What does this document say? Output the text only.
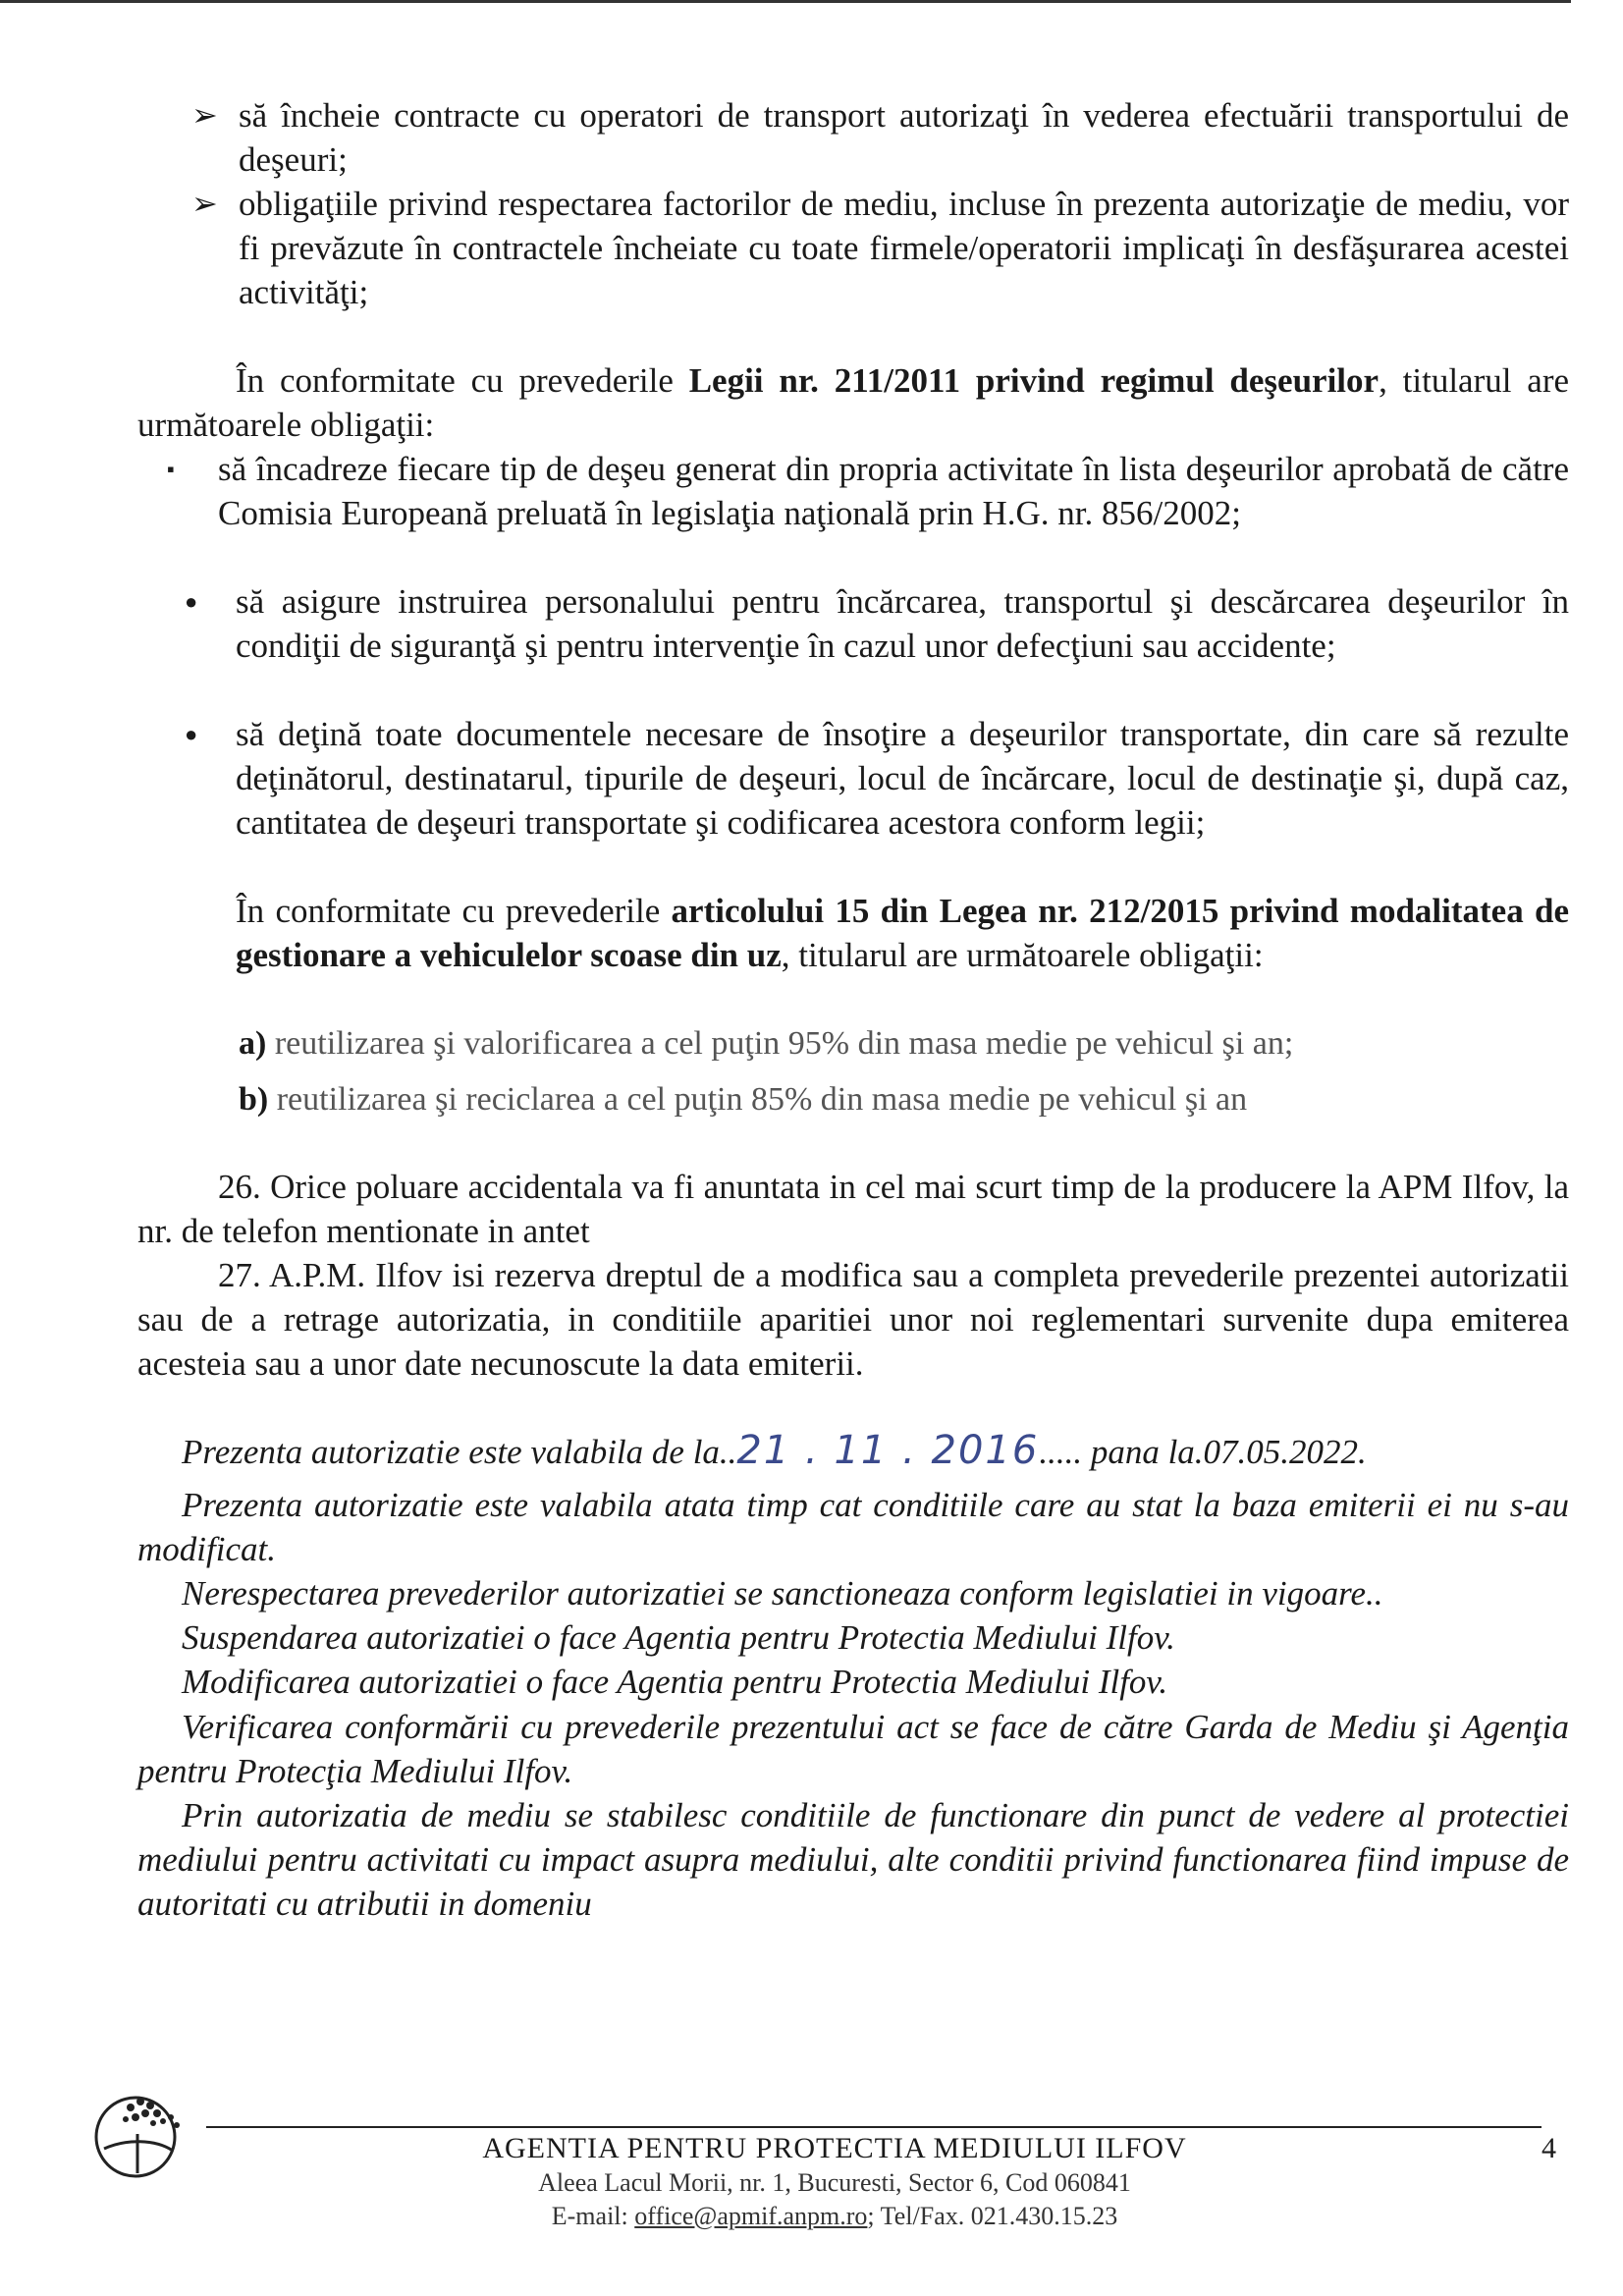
➢ să încheie contracte cu operatori de transport autorizaţi în vederea efectuării transportului de deşeuri;
➢ obligaţiile privind respectarea factorilor de mediu, incluse în prezenta autorizaţie de mediu, vor fi prevăzute în contractele încheiate cu toate firmele/operatorii implicaţi în desfăşurarea acestei activităţi;
În conformitate cu prevederile Legii nr. 211/2011 privind regimul deşeurilor, titularul are următoarele obligaţii:
▪ să încadreze fiecare tip de deşeu generat din propria activitate în lista deşeurilor aprobată de către Comisia Europeană preluată în legislaţia naţională prin H.G. nr. 856/2002;
● să asigure instruirea personalului pentru încărcarea, transportul şi descărcarea deşeurilor în condiţii de siguranţă şi pentru intervenţie în cazul unor defecţiuni sau accidente;
● să deţină toate documentele necesare de însoţire a deşeurilor transportate, din care să rezulte deţinătorul, destinatarul, tipurile de deşeuri, locul de încărcare, locul de destinaţie şi, după caz, cantitatea de deşeuri transportate şi codificarea acestora conform legii;
În conformitate cu prevederile articolului 15 din Legea nr. 212/2015 privind modalitatea de gestionare a vehiculelor scoase din uz, titularul are următoarele obligaţii:
a) reutilizarea şi valorificarea a cel puţin 95% din masa medie pe vehicul şi an;
b) reutilizarea şi reciclarea a cel puţin 85% din masa medie pe vehicul şi an
26. Orice poluare accidentala va fi anuntata in cel mai scurt timp de la producere la APM Ilfov, la nr. de telefon mentionate in antet
27. A.P.M. Ilfov isi rezerva dreptul de a modifica sau a completa prevederile prezentei autorizatii sau de a retrage autorizatia, in conditiile aparitiei unor noi reglementari survenite dupa emiterea acesteia sau a unor date necunoscute la data emiterii.
Prezenta autorizatie este valabila de la..21 . 11 . 2016..... pana la.07.05.2022.
Prezenta autorizatie este valabila atata timp cat conditiile care au stat la baza emiterii ei nu s-au modificat.
Nerespectarea prevederilor autorizatiei se sanctioneaza conform legislatiei in vigoare..
Suspendarea autorizatiei o face Agentia pentru Protectia Mediului Ilfov.
Modificarea autorizatiei o face Agentia pentru Protectia Mediului Ilfov.
Verificarea conformării cu prevederile prezentului act se face de către Garda de Mediu şi Agenţia pentru Protecţia Mediului Ilfov.
Prin autorizatia de mediu se stabilesc conditiile de functionare din punct de vedere al protectiei mediului pentru activitati cu impact asupra mediului, alte conditii privind functionarea fiind impuse de autoritati cu atributii in domeniu
AGENTIA PENTRU PROTECTIA MEDIULUI ILFOV
Aleea Lacul Morii, nr. 1, Bucuresti, Sector 6, Cod 060841
E-mail: office@apmif.anpm.ro; Tel/Fax. 021.430.15.23
4
